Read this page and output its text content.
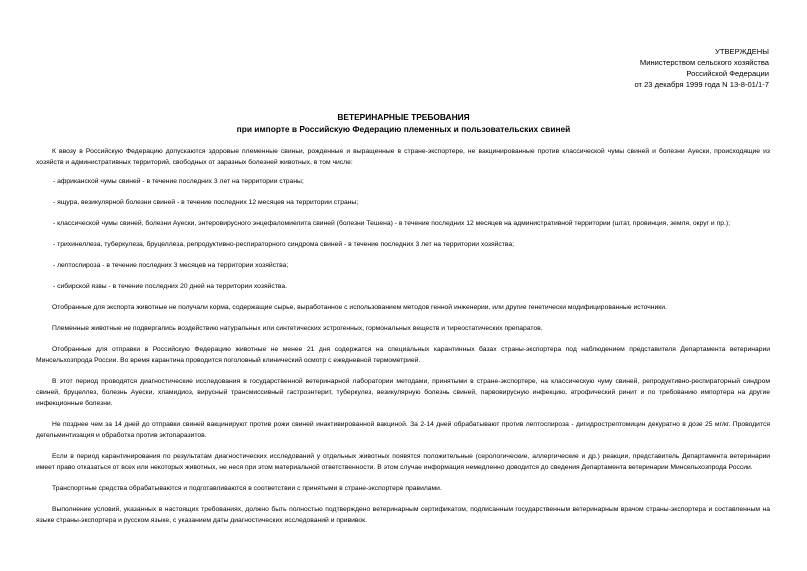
УТВЕРЖДЕНЫ
Министерством сельского хозяйства
Российской Федерации
от 23 декабря 1999 года N 13-8-01/1-7
ВЕТЕРИНАРНЫЕ ТРЕБОВАНИЯ
при импорте в Российскую Федерацию племенных и пользовательских свиней

К ввозу в Российскую Федерацию допускаются здоровые племенные свиньи, рожденные и выращенные в стране-экспортере, не вакцинированные против классической чумы свиней и болезни Ауески, происходящие из хозяйств и административных территорий, свободных от заразных болезней животных, в том числе:

- африканской чумы свиней - в течение последних 3 лет на территории страны;

- ящура, везикулярной болезни свиней - в течение последних 12 месяцев на территории страны;

- классической чумы свиней, болезни Ауески, энтеровирусного энцефаломиелита свиней (болезни Тешена) - в течение последних 12 месяцев на административной территории (штат, провинция, земля, округ и пр.);

- трихинеллеза, туберкулеза, бруцеллеза, репродуктивно-респираторного синдрома свиней - в течение последних 3 лет на территории хозяйства;

- лептоспироза - в течение последних 3 месяцев на территории хозяйства;

- сибирской язвы - в течение последних 20 дней на территории хозяйства.

Отобранные для экспорта животные не получали корма, содержащие сырье, выработанное с использованием методов генной инженерии, или другие генетически модифицированные источники.

Племенные животные не подвергались воздействию натуральных или синтетических эстрогенных, гормональных веществ и тиреостатических препаратов.

Отобранные для отправки в Российскую Федерацию животные не менее 21 дня содержатся на специальных карантинных базах страны-экспортера под наблюдением представителя Департамента ветеринарии Минсельхозпрода России. Во время карантина проводится поголовный клинический осмотр с ежедневной термометрией.

В этот период проводятся диагностические исследования в государственной ветеринарной лаборатории методами, принятыми в стране-экспортере, на классическую чуму свиней, репродуктивно-респираторный синдром свиней, бруцеллез, болезнь Ауески, хламидиоз, вирусный трансмиссивный гастроэнтерит, туберкулез, везикулярную болезнь свиней, парвовирусную инфекцию, атрофический ринит и по требованию импортера на другие инфекционные болезни.

Не позднее чем за 14 дней до отправки свиней вакцинируют против рожи свиней инактивированной вакциной. За 2-14 дней обрабатывают против лептоспироза - дигидрострептомицин декуратно в дозе 25 мг/кг. Проводится дегельминтизация и обработка против эктопаразитов.

Если в период карантинирования по результатам диагностических исследований у отдельных животных появятся положительные (серологические, аллергические и др.) реакции, представитель Департамента ветеринарии имеет право отказаться от всех или некоторых животных, не неся при этом материальной ответственности. В этом случае информация немедленно доводится до сведения Департамента ветеринарии Минсельхозпрода России.

Транспортные средства обрабатываются и подготавливаются в соответствии с принятыми в стране-экспортере правилами.

Выполнение условий, указанных в настоящих требованиях, должно быть полностью подтверждено ветеринарным сертификатом, подписанным государственным ветеринарным врачом страны-экспортера и составленным на языке страны-экспортера и русском языке, с указанием даты диагностических исследований и прививок.
